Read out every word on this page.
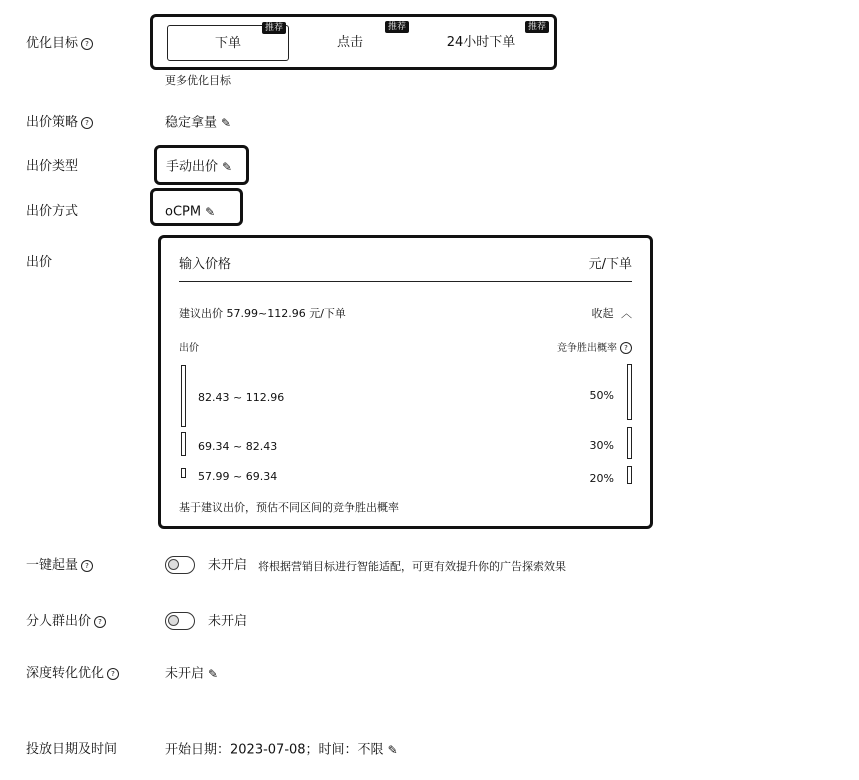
优化目标 ?	下单
推荐
点击
推荐
24小时下单
推荐
更多优化目标
出价策略 ?	稳定拿量 ✎
出价类型	手动出价 ✎
出价方式	oCPM ✎
出价	输入价格	元/下单
建议出价 57.99~112.96 元/下单	收起 ︿
出价	竞争胜出概率?
82.43 ~ 112.96	50%
69.34 ~ 82.43	30%
57.99 ~ 69.34	20%
基于建议出价，预估不同区间的竞争胜出概率
一键起量 ?	未开启 将根据营销目标进行智能适配，可更有效提升你的广告探索效果
分人群出价 ?	未开启
深度转化优化 ?	未开启 ✎
投放日期及时间	开始日期：2023-07-08；时间：不限 ✎
